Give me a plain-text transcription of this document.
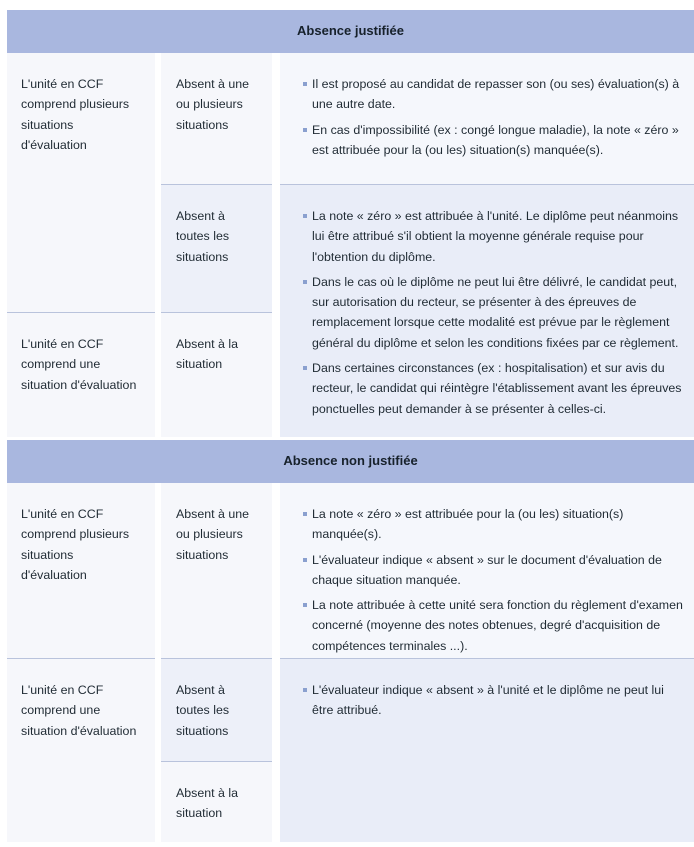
Absence justifiée
L'unité en CCF
comprend plusieurs
situations
d'évaluation
L'unité en CCF
comprend une
situation d'évaluation
Absent à une
ou plusieurs
situations
Absent à
toutes les
situations
Absent à la
situation
Il est proposé au candidat de repasser son (ou ses) évaluation(s) à une autre date.
En cas d'impossibilité (ex : congé longue maladie), la note « zéro » est attribuée pour la (ou les) situation(s) manquée(s).
La note « zéro » est attribuée à l'unité. Le diplôme peut néanmoins lui être attribué s'il obtient la moyenne générale requise pour l'obtention du diplôme.
Dans le cas où le diplôme ne peut lui être délivré, le candidat peut, sur autorisation du recteur, se présenter à des épreuves de remplacement lorsque cette modalité est prévue par le règlement général du diplôme et selon les conditions fixées par ce règlement.
Dans certaines circonstances (ex : hospitalisation) et sur avis du recteur, le candidat qui réintègre l'établissement avant les épreuves ponctuelles peut demander à se présenter à celles-ci.
Absence non justifiée
L'unité en CCF
comprend plusieurs
situations
d'évaluation
L'unité en CCF
comprend une
situation d'évaluation
Absent à une
ou plusieurs
situations
Absent à
toutes les
situations
Absent à la
situation
La note « zéro » est attribuée pour la (ou les) situation(s) manquée(s).
L'évaluateur indique « absent » sur le document d'évaluation de chaque situation manquée.
La note attribuée à cette unité sera fonction du règlement d'examen concerné (moyenne des notes obtenues, degré d'acquisition de compétences terminales ...).
L'évaluateur indique « absent » à l'unité et le diplôme ne peut lui être attribué.
